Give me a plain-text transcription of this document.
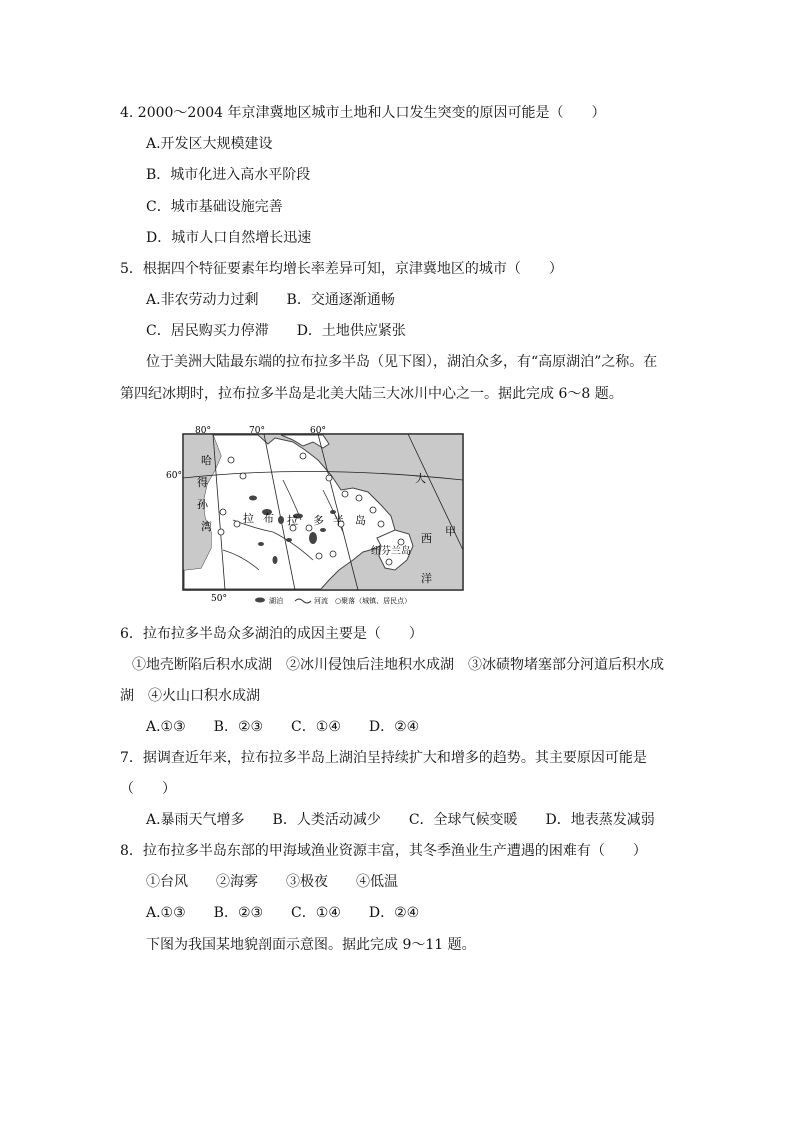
4. 2000～2004 年京津冀地区城市土地和人口发生突变的原因可能是（　　）
A.开发区大规模建设
B．城市化进入高水平阶段
C．城市基础设施完善
D．城市人口自然增长迅速
5．根据四个特征要素年均增长率差异可知，京津冀地区的城市（　　）
A.非农劳动力过剩　　B．交通逐渐通畅
C．居民购买力停滞　　D．土地供应紧张
位于美洲大陆最东端的拉布拉多半岛（见下图），湖泊众多，有“高原湖泊”之称。在
第四纪冰期时，拉布拉多半岛是北美大陆三大冰川中心之一。据此完成 6～8 题。
80°	70°	60°
60°
50°
哈
得
孙
湾
大
西
洋
拉 布 拉 多 半 岛
甲
纽芬兰岛
湖泊	河流 ○聚落（城镇、居民点）
6．拉布拉多半岛众多湖泊的成因主要是（　　）
①地壳断陷后积水成湖　②冰川侵蚀后洼地积水成湖　③冰碛物堵塞部分河道后积水成
湖　④火山口积水成湖
A.①③　　B．②③　　C．①④　　D．②④
7．据调查近年来，拉布拉多半岛上湖泊呈持续扩大和增多的趋势。其主要原因可能是
（　　）
A.暴雨天气增多　　B．人类活动减少　　C．全球气候变暖　　D．地表蒸发减弱
8．拉布拉多半岛东部的甲海域渔业资源丰富，其冬季渔业生产遭遇的困难有（　　）
①台风　　②海雾　　③极夜　　④低温
A.①③　　B．②③　　C．①④　　D．②④
下图为我国某地貌剖面示意图。据此完成 9～11 题。
